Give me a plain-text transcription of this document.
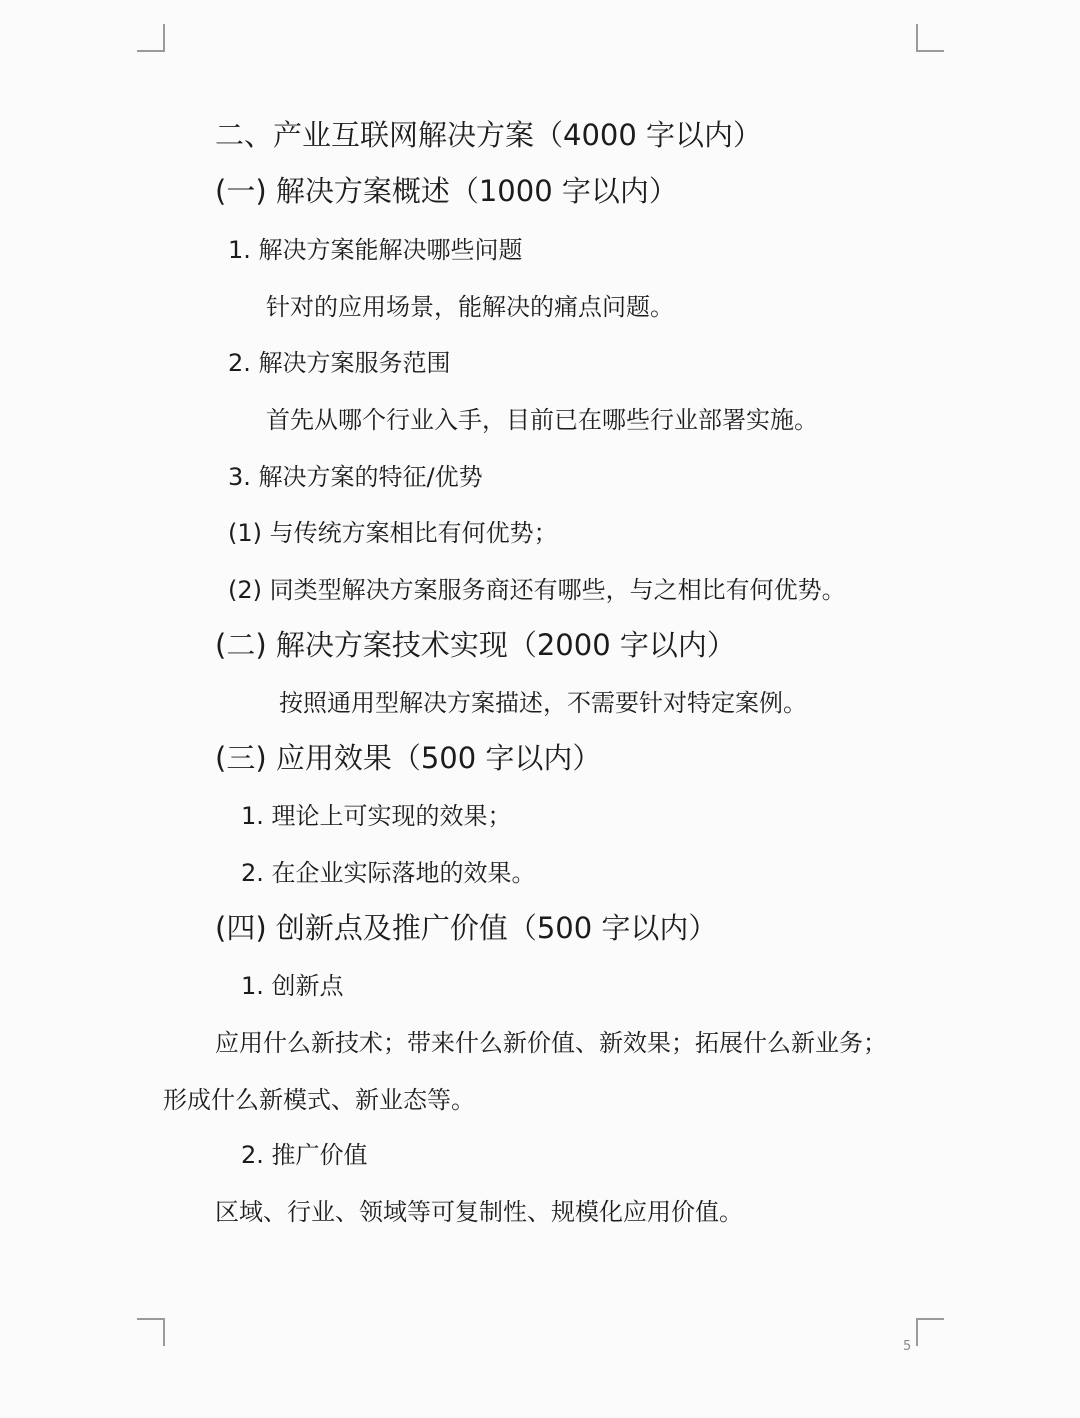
二、产业互联网解决方案（4000 字以内）
(一) 解决方案概述（1000 字以内）
1. 解决方案能解决哪些问题
针对的应用场景，能解决的痛点问题。
2. 解决方案服务范围
首先从哪个行业入手，目前已在哪些行业部署实施。
3. 解决方案的特征/优势
(1) 与传统方案相比有何优势；
(2) 同类型解决方案服务商还有哪些，与之相比有何优势。
(二) 解决方案技术实现（2000 字以内）
按照通用型解决方案描述，不需要针对特定案例。
(三) 应用效果（500 字以内）
1. 理论上可实现的效果；
2. 在企业实际落地的效果。
(四) 创新点及推广价值（500 字以内）
1. 创新点
应用什么新技术；带来什么新价值、新效果；拓展什么新业务；
形成什么新模式、新业态等。
2. 推广价值
区域、行业、领域等可复制性、规模化应用价值。
5
